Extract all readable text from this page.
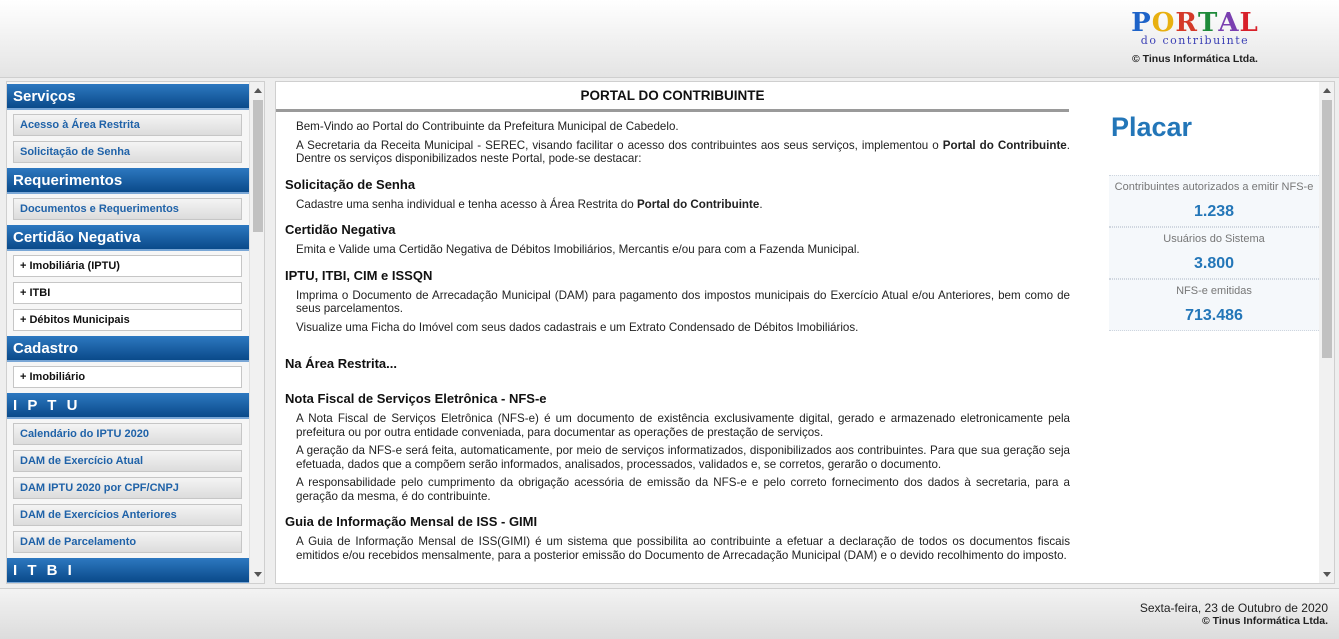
PORTAL
do contribuinte
© Tinus Informática Ltda.
Serviços
Acesso à Área Restrita
Solicitação de Senha
Requerimentos
Documentos e Requerimentos
Certidão Negativa
+ Imobiliária (IPTU)
+ ITBI
+ Débitos Municipais
Cadastro
+ Imobiliário
I P T U
Calendário do IPTU 2020
DAM de Exercício Atual
DAM IPTU 2020 por CPF/CNPJ
DAM de Exercícios Anteriores
DAM de Parcelamento
I T B I
PORTAL DO CONTRIBUINTE

Bem-Vindo ao Portal do Contribuinte da Prefeitura Municipal de Cabedelo.

A Secretaria da Receita Municipal - SEREC, visando facilitar o acesso dos contribuintes aos seus serviços, implementou o Portal do Contribuinte. Dentre os serviços disponibilizados neste Portal, pode-se destacar:

Solicitação de Senha

Cadastre uma senha individual e tenha acesso à Área Restrita do Portal do Contribuinte.

Certidão Negativa

Emita e Valide uma Certidão Negativa de Débitos Imobiliários, Mercantis e/ou para com a Fazenda Municipal.

IPTU, ITBI, CIM e ISSQN

Imprima o Documento de Arrecadação Municipal (DAM) para pagamento dos impostos municipais do Exercício Atual e/ou Anteriores, bem como de seus parcelamentos.

Visualize uma Ficha do Imóvel com seus dados cadastrais e um Extrato Condensado de Débitos Imobiliários.

Na Área Restrita...
Nota Fiscal de Serviços Eletrônica - NFS-e

A Nota Fiscal de Serviços Eletrônica (NFS-e) é um documento de existência exclusivamente digital, gerado e armazenado eletronicamente pela prefeitura ou por outra entidade conveniada, para documentar as operações de prestação de serviços.

A geração da NFS-e será feita, automaticamente, por meio de serviços informatizados, disponibilizados aos contribuintes. Para que sua geração seja efetuada, dados que a compõem serão informados, analisados, processados, validados e, se corretos, gerarão o documento.

A responsabilidade pelo cumprimento da obrigação acessória de emissão da NFS-e e pelo correto fornecimento dos dados à secretaria, para a geração da mesma, é do contribuinte.

Guia de Informação Mensal de ISS - GIMI

A Guia de Informação Mensal de ISS(GIMI) é um sistema que possibilita ao contribuinte a efetuar a declaração de todos os documentos fiscais emitidos e/ou recebidos mensalmente, para a posterior emissão do Documento de Arrecadação Municipal (DAM) e o devido recolhimento do imposto.

Placar
Contribuintes autorizados a emitir NFS-e
1.238
Usuários do Sistema
3.800
NFS-e emitidas
713.486
Sexta-feira, 23 de Outubro de 2020
© Tinus Informática Ltda.
